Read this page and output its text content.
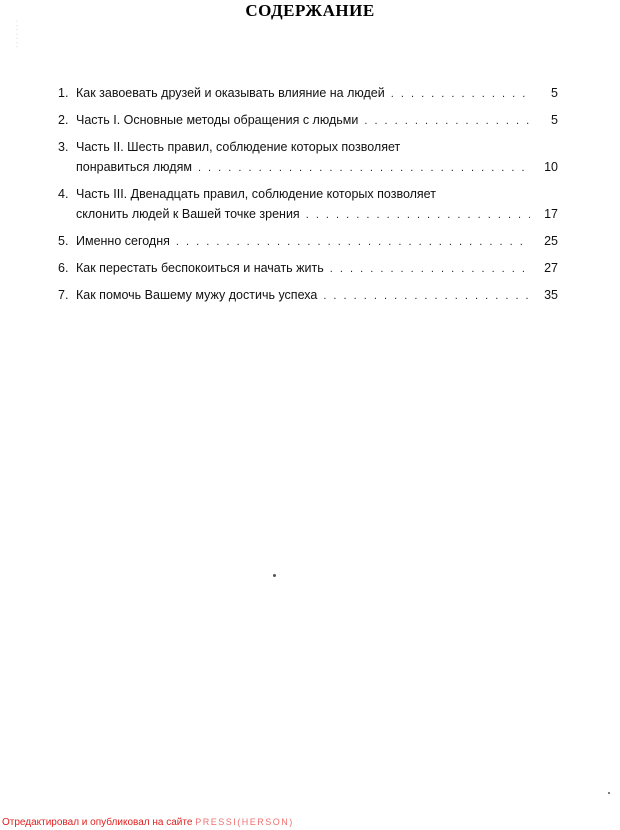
· · · · · · ·
СОДЕРЖАНИЕ
1. Как завоевать друзей и оказывать влияние на людей . . .	5
2. Часть I. Основные методы обращения с людьми . . .	5
3. Часть II. Шесть правил, соблюдение которых позволяет
понравиться людям . . .	10
4. Часть III. Двенадцать правил, соблюдение которых позволяет
склонить людей к Вашей точке зрения . . .	17
5. Именно сегодня . . .	25
6. Как перестать беспокоиться и начать жить . . .	27
7. Как помочь Вашему мужу достичь успеха . . .	35
Отредактировал и опубликовал на сайте PRESSI(HERSON)
